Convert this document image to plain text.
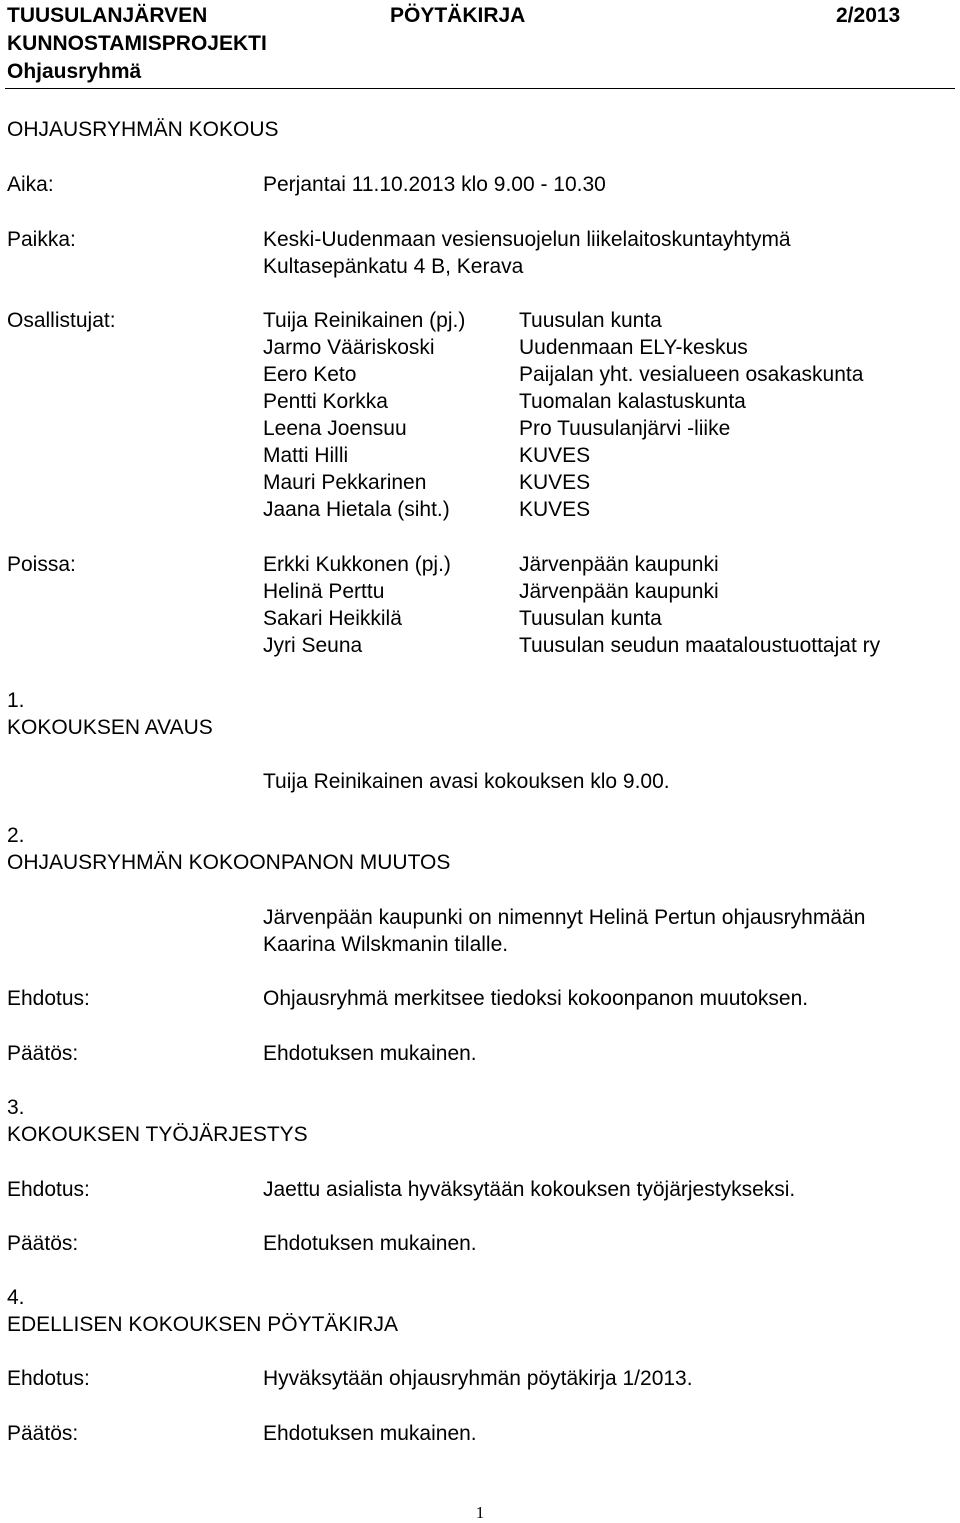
TUUSULANJÄRVEN
KUNNOSTAMISPROJEKTI
Ohjausryhmä
PÖYTÄKIRJA	2/2013
OHJAUSRYHMÄN KOKOUS
Aika:	Perjantai 11.10.2013 klo 9.00 - 10.30
Paikka:	Keski-Uudenmaan vesiensuojelun liikelaitoskuntayhtymä
Kultasepänkatu 4 B, Kerava
Osallistujat:	Tuija Reinikainen (pj.)	Tuusulan kunta
Jarmo Vääriskoski	Uudenmaan ELY-keskus
Eero Keto	Paijalan yht. vesialueen osakaskunta
Pentti Korkka	Tuomalan kalastuskunta
Leena Joensuu	Pro Tuusulanjärvi -liike
Matti Hilli	KUVES
Mauri Pekkarinen	KUVES
Jaana Hietala (siht.)	KUVES
Poissa:	Erkki Kukkonen (pj.)	Järvenpään kaupunki
Helinä Perttu	Järvenpään kaupunki
Sakari Heikkilä	Tuusulan kunta
Jyri Seuna	Tuusulan seudun maataloustuottajat ry
1.
KOKOUKSEN AVAUS
Tuija Reinikainen avasi kokouksen klo 9.00.
2.
OHJAUSRYHMÄN KOKOONPANON MUUTOS
Järvenpään kaupunki on nimennyt Helinä Pertun ohjausryhmään
Kaarina Wilskmanin tilalle.
Ehdotus:	Ohjausryhmä merkitsee tiedoksi kokoonpanon muutoksen.
Päätös:	Ehdotuksen mukainen.
3.
KOKOUKSEN TYÖJÄRJESTYS
Ehdotus:	Jaettu asialista hyväksytään kokouksen työjärjestykseksi.
Päätös:	Ehdotuksen mukainen.
4.
EDELLISEN KOKOUKSEN PÖYTÄKIRJA
Ehdotus:	Hyväksytään ohjausryhmän pöytäkirja 1/2013.
Päätös:	Ehdotuksen mukainen.
1
